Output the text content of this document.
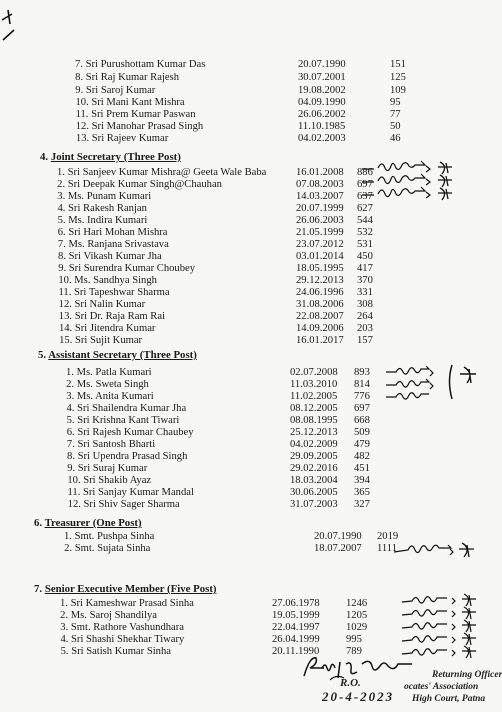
7. Sri Purushottam Kumar Das	20.07.1990	151
8. Sri Raj Kumar Rajesh	30.07.2001	125
9. Sri Saroj Kumar	19.08.2002	109
10. Sri Mani Kant Mishra	04.09.1990	95
11. Sri Prem Kumar Paswan	26.06.2002	77
12. Sri Manohar Prasad Singh	11.10.1985	50
13. Sri Rajeev Kumar	04.02.2003	46
4. Joint Secretary (Three Post)
1. Sri Sanjeev Kumar Mishra@ Geeta Wale Baba	16.01.2008 886
2. Sri Deepak Kumar Singh@Chauhan	07.08.2003 697
3. Ms. Punam Kumari	14.03.2007 637
4. Sri Rakesh Ranjan	20.07.1999 627
5. Ms. Indira Kumari	26.06.2003 544
6. Sri Hari Mohan Mishra	21.05.1999 532
7. Ms. Ranjana Srivastava	23.07.2012 531
8. Sri Vikash Kumar Jha	03.01.2014 450
9. Sri Surendra Kumar Choubey	18.05.1995 417
10. Ms. Sandhya Singh	29.12.2013 370
11. Sri Tapeshwar Sharma	24.06.1996 331
12. Sri Nalin Kumar	31.08.2006 308
13. Sri Dr. Raja Ram Rai	22.08.2007 264
14. Sri Jitendra Kumar	14.09.2006 203
15. Sri Sujit Kumar	16.01.2017 157
5. Assistant Secretary (Three Post)
1. Ms. Patla Kumari	02.07.2008 893
2. Ms. Sweta Singh	11.03.2010 814
3. Ms. Anita Kumari	11.02.2005 776
4. Sri Shailendra Kumar Jha	08.12.2005 697
5. Sri Krishna Kant Tiwari	08.08.1995 668
6. Sri Rajesh Kumar Chaubey	25.12.2013 509
7. Sri Santosh Bharti	04.02.2009 479
8. Sri Upendra Prasad Singh	29.09.2005 482
9. Sri Suraj Kumar	29.02.2016 451
10. Sri Shakib Ayaz	18.03.2004 394
11. Sri Sanjay Kumar Mandal	30.06.2005 365
12. Sri Shiv Sager Sharma	31.07.2003 327
6. Treasurer (One Post)
1. Smt. Pushpa Sinha	20.07.1990 2019
2. Smt. Sujata Sinha	18.07.2007 1111
7. Senior Executive Member (Five Post)
1. Sri Kameshwar Prasad Sinha	27.06.1978 1246
2. Ms. Saroj Shandilya	19.05.1999 1205
3. Smt. Rathore Vashundhara	22.04.1997 1029
4. Sri Shashi Shekhar Tiwary	26.04.1999 995
5. Sri Satish Kumar Sinha	20.11.1990	789
Returning Officer
R.O.
20-4-2023
ocates' Association
High Court, Patna
